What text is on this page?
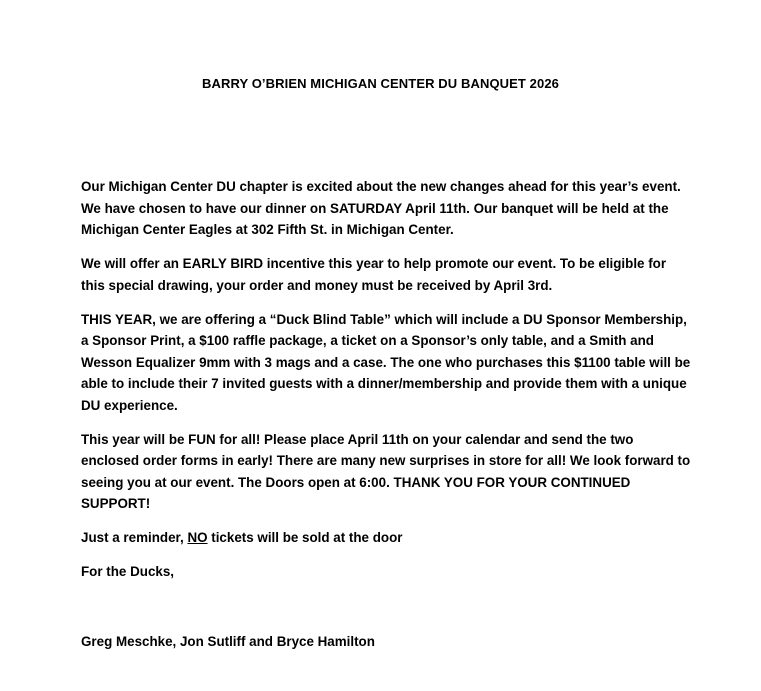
BARRY O’BRIEN MICHIGAN CENTER DU BANQUET 2026

Our Michigan Center DU chapter is excited about the new changes ahead for this year’s event. We have chosen to have our dinner on SATURDAY April 11th. Our banquet will be held at the Michigan Center Eagles at 302 Fifth St. in Michigan Center.

We will offer an EARLY BIRD incentive this year to help promote our event. To be eligible for this special drawing, your order and money must be received by April 3rd.

THIS YEAR, we are offering a “Duck Blind Table” which will include a DU Sponsor Membership, a Sponsor Print, a $100 raffle package, a ticket on a Sponsor’s only table, and a Smith and Wesson Equalizer 9mm with 3 mags and a case. The one who purchases this $1100 table will be able to include their 7 invited guests with a dinner/membership and provide them with a unique DU experience.

This year will be FUN for all! Please place April 11th on your calendar and send the two enclosed order forms in early! There are many new surprises in store for all! We look forward to seeing you at our event. The Doors open at 6:00. THANK YOU FOR YOUR CONTINUED SUPPORT!

Just a reminder, NO tickets will be sold at the door

For the Ducks,

Greg Meschke, Jon Sutliff and Bryce Hamilton
